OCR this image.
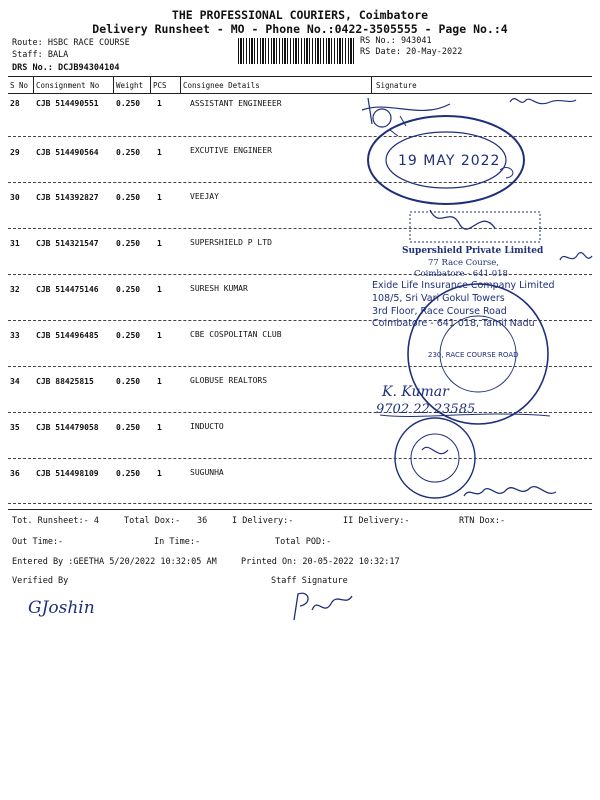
THE PROFESSIONAL COURIERS, Coimbatore
Delivery Runsheet - MO - Phone No.:0422-3505555 - Page No.:4
Route: HSBC RACE COURSE
Staff: BALA
DRS No.: DCJB94304104
RS No.: 943041
RS Date: 20-May-2022
S No Consignment No Weight PCS Consignee Details	Signature
28 CJB 514490551 0.250 1	ASSISTANT ENGINEEER
29 CJB 514490564 0.250 1	EXCUTIVE ENGINEER
30 CJB 514392827 0.250 1	VEEJAY
31 CJB 514321547 0.250 1	SUPERSHIELD P LTD
32 CJB 514475146 0.250 1	SURESH KUMAR
33 CJB 514496485 0.250 1	CBE COSPOLITAN CLUB
34 CJB 88425815	0.250 1	GLOBUSE REALTORS
35 CJB 514479058 0.250 1	INDUCTO
36 CJB 514498109 0.250 1	SUGUNHA
19 MAY 2022
Supershield Private Limited
77 Race Course,
Coimbatore - 641 018
Exide Life Insurance Company Limited
108/5, Sri Vari Gokul Towers
3rd Floor, Race Course Road
Coimbatore - 641 018, Tamil Nadu
230, RACE COURSE ROAD
K. Kumar
9702 22 23585
Tot. Runsheet:- 4	Total Dox:- 36	I Delivery:-	II Delivery:-	RTN Dox:-
Out Time:-	In Time:-	Total POD:-
Entered By :GEETHA 5/20/2022 10:32:05 AM	Printed On: 20-05-2022 10:32:17
Verified By	Staff Signature
GJoshin
